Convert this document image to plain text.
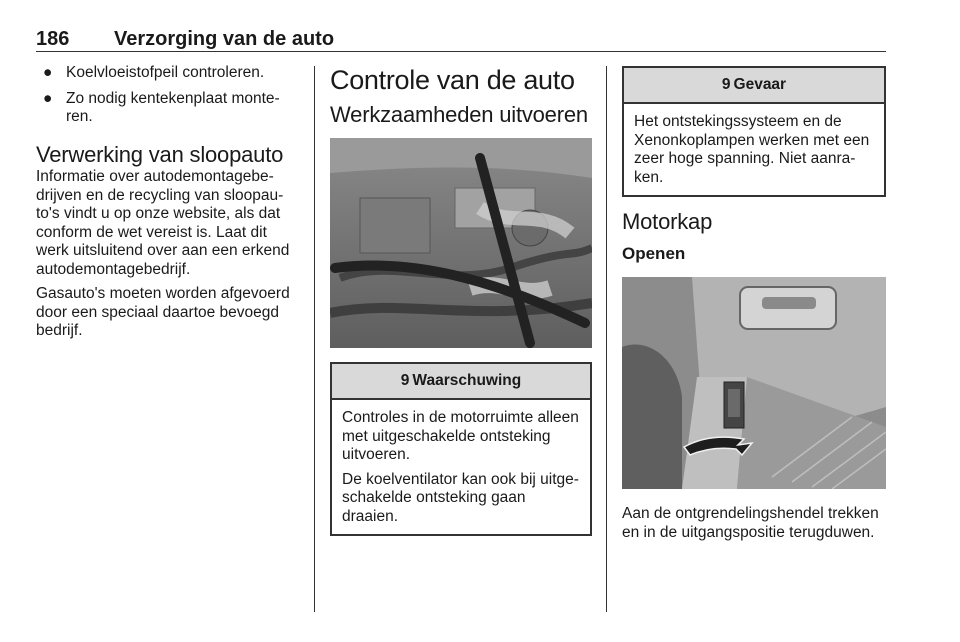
186 Verzorging van de auto
● Koelvloeistofpeil controleren.
● Zo nodig kentekenplaat monte-
ren.
Verwerking van sloopauto

Informatie over autodemontagebe-
drijven en de recycling van sloopau-
to's vindt u op onze website, als dat
conform de wet vereist is. Laat dit
werk uitsluitend over aan een erkend
autodemontagebedrijf.

Gasauto's moeten worden afgevoerd
door een speciaal daartoe bevoegd
bedrijf.

Controle van de auto
Werkzaamheden uitvoeren
9 Waarschuwing

Controles in de motorruimte alleen
met uitgeschakelde ontsteking
uitvoeren.

De koelventilator kan ook bij uitge-
schakelde ontsteking gaan
draaien.

9 Gevaar

Het ontstekingssysteem en de
Xenonkoplampen werken met een
zeer hoge spanning. Niet aanra-
ken.

Motorkap
Openen

Aan de ontgrendelingshendel trekken
en in de uitgangspositie terugduwen.
